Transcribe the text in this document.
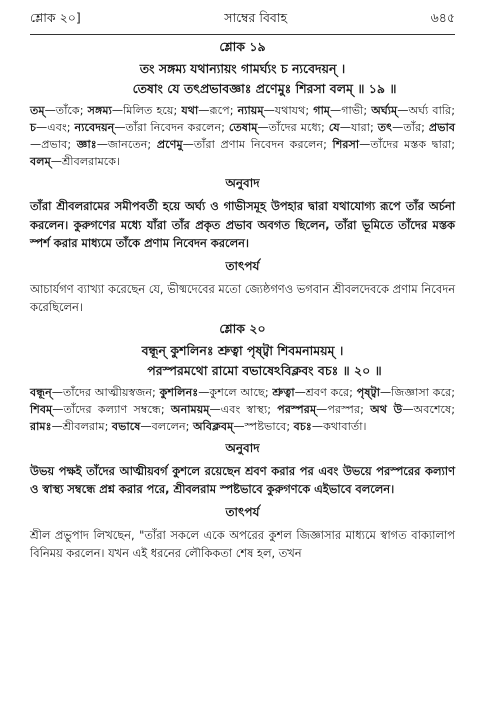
শ্লোক ২০]	সাম্বের বিবাহ	৬৪৫
শ্লোক ১৯
তং সঙ্গম্য যথান্যায়ং গামর্ঘ্যং চ ন্যবেদয়ন্ ।
তেষাং যে তৎপ্রভাবজ্ঞাঃ প্রণেমুঃ শিরসা বলম্ ॥ ১৯ ॥
তম্—তাঁকে; সঙ্গম্য—মিলিত হয়ে; যথা—রূপে; ন্যায়ম্—যথাযথ; গাম্—গাভী; অর্ঘ্যম্—অর্ঘ্য বারি; চ—এবং; ন্যবেদয়ন্—তাঁরা নিবেদন করলেন; তেষাম্—তাঁদের মধ্যে; যে—যারা; তৎ—তাঁর; প্রভাব—প্রভাব; জ্ঞাঃ—জানতেন; প্রণেমু—তাঁরা প্রণাম নিবেদন করলেন; শিরসা—তাঁদের মস্তক দ্বারা; বলম্—শ্রীবলরামকে।
অনুবাদ
তাঁরা শ্রীবলরামের সমীপবর্তী হয়ে অর্ঘ্য ও গাভীসমূহ উপহার দ্বারা যথাযোগ্য রূপে তাঁর অর্চনা করলেন। কুরুগণের মধ্যে যাঁরা তাঁর প্রকৃত প্রভাব অবগত ছিলেন, তাঁরা ভূমিতে তাঁদের মস্তক স্পর্শ করার মাধ্যমে তাঁকে প্রণাম নিবেদন করলেন।
তাৎপর্য
আচার্যগণ ব্যাখ্যা করেছেন যে, ভীষ্মদেবের মতো জ্যেষ্ঠগণও ভগবান শ্রীবলদেবকে প্রণাম নিবেদন করেছিলেন।
শ্লোক ২০
বন্ধূন্ কুশলিনঃ শ্রুত্বা পৃষ্ট্বা শিবমনাময়ম্ ।
পরস্পরমথো রামো বভাষেঽবিক্লবং বচঃ ॥ ২০ ॥
বন্ধূন্—তাঁদের আত্মীয়স্বজন; কুশলিনঃ—কুশলে আছে; শ্রুত্বা—শ্রবণ করে; পৃষ্ট্বা—জিজ্ঞাসা করে; শিবম্—তাঁদের কল্যাণ সম্বন্ধে; অনাময়ম্—এবং স্বাস্থ্য; পরস্পরম্—পরস্পর; অথ উ—অবশেষে; রামঃ—শ্রীবলরাম; বভাষে—বললেন; অবিক্লবম্—স্পষ্টভাবে; বচঃ—কথাবার্তা।
অনুবাদ
উভয় পক্ষই তাঁদের আত্মীয়বর্গ কুশলে রয়েছেন শ্রবণ করার পর এবং উভয়ে পরস্পরের কল্যাণ ও স্বাস্থ্য সম্বন্ধে প্রশ্ন করার পরে, শ্রীবলরাম স্পষ্টভাবে কুরুগণকে এইভাবে বললেন।
তাৎপর্য
শ্রীল প্রভুপাদ লিখছেন, "তাঁরা সকলে একে অপরের কুশল জিজ্ঞাসার মাধ্যমে স্বাগত বাক্যালাপ বিনিময় করলেন। যখন এই ধরনের লৌকিকতা শেষ হল, তখন
